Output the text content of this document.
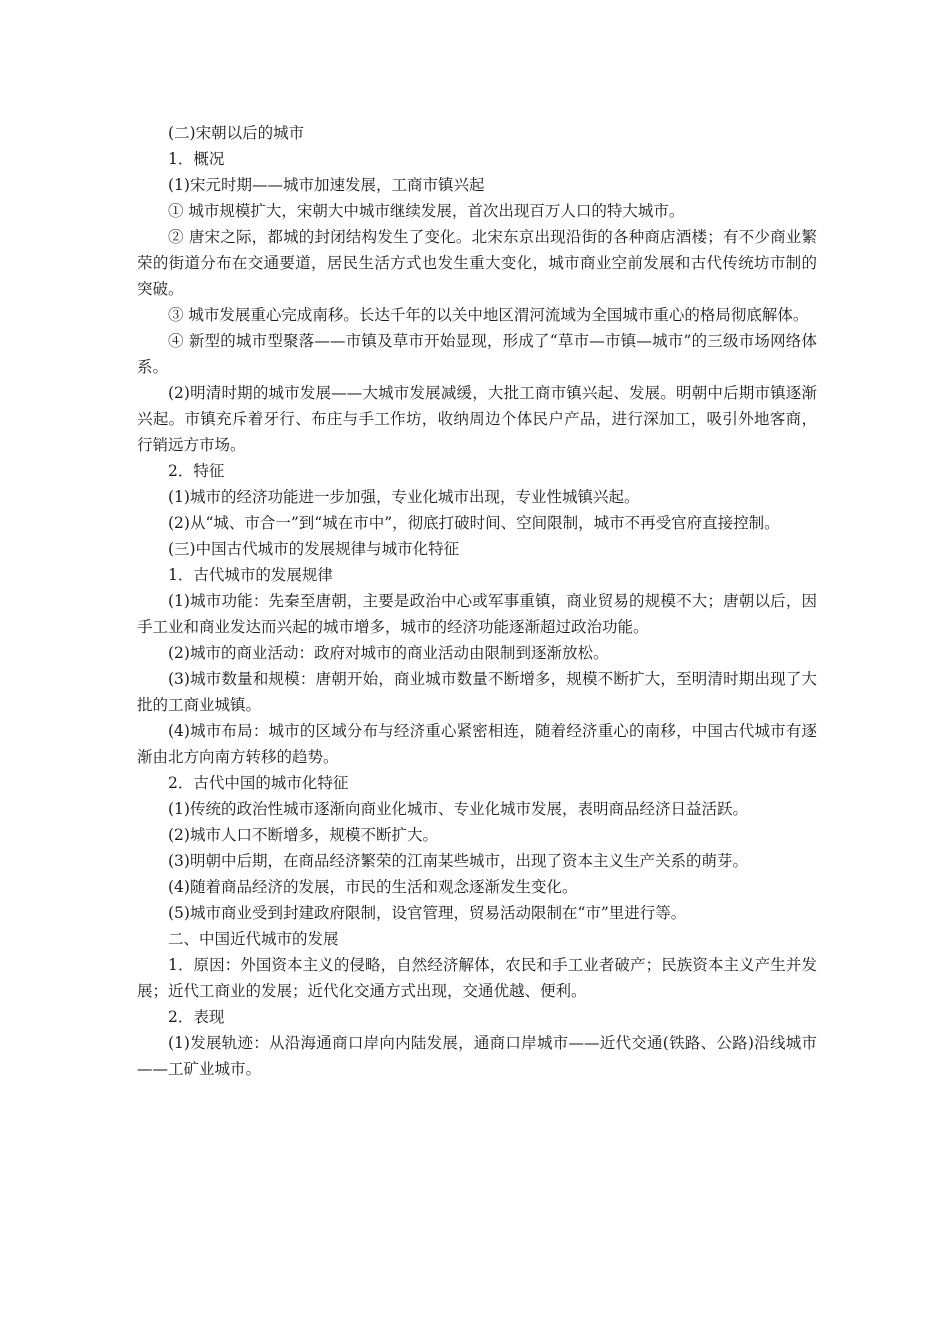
(二)宋朝以后的城市

1．概况

(1)宋元时期——城市加速发展，工商市镇兴起

① 城市规模扩大，宋朝大中城市继续发展，首次出现百万人口的特大城市。

② 唐宋之际，都城的封闭结构发生了变化。北宋东京出现沿街的各种商店酒楼；有不少商业繁荣的街道分布在交通要道，居民生活方式也发生重大变化，城市商业空前发展和古代传统坊市制的突破。

③ 城市发展重心完成南移。长达千年的以关中地区渭河流域为全国城市重心的格局彻底解体。

④ 新型的城市型聚落——市镇及草市开始显现，形成了“草市—市镇—城市”的三级市场网络体系。

(2)明清时期的城市发展——大城市发展减缓，大批工商市镇兴起、发展。明朝中后期市镇逐渐兴起。市镇充斥着牙行、布庄与手工作坊，收纳周边个体民户产品，进行深加工，吸引外地客商，行销远方市场。

2．特征

(1)城市的经济功能进一步加强，专业化城市出现，专业性城镇兴起。

(2)从“城、市合一”到“城在市中”，彻底打破时间、空间限制，城市不再受官府直接控制。

(三)中国古代城市的发展规律与城市化特征

1．古代城市的发展规律

(1)城市功能：先秦至唐朝，主要是政治中心或军事重镇，商业贸易的规模不大；唐朝以后，因手工业和商业发达而兴起的城市增多，城市的经济功能逐渐超过政治功能。

(2)城市的商业活动：政府对城市的商业活动由限制到逐渐放松。

(3)城市数量和规模：唐朝开始，商业城市数量不断增多，规模不断扩大，至明清时期出现了大批的工商业城镇。

(4)城市布局：城市的区域分布与经济重心紧密相连，随着经济重心的南移，中国古代城市有逐渐由北方向南方转移的趋势。

2．古代中国的城市化特征

(1)传统的政治性城市逐渐向商业化城市、专业化城市发展，表明商品经济日益活跃。

(2)城市人口不断增多，规模不断扩大。

(3)明朝中后期，在商品经济繁荣的江南某些城市，出现了资本主义生产关系的萌芽。

(4)随着商品经济的发展，市民的生活和观念逐渐发生变化。

(5)城市商业受到封建政府限制，设官管理，贸易活动限制在“市”里进行等。

二、中国近代城市的发展

1．原因：外国资本主义的侵略，自然经济解体，农民和手工业者破产；民族资本主义产生并发展；近代工商业的发展；近代化交通方式出现，交通优越、便利。

2．表现

(1)发展轨迹：从沿海通商口岸向内陆发展，通商口岸城市——近代交通(铁路、公路)沿线城市——工矿业城市。
